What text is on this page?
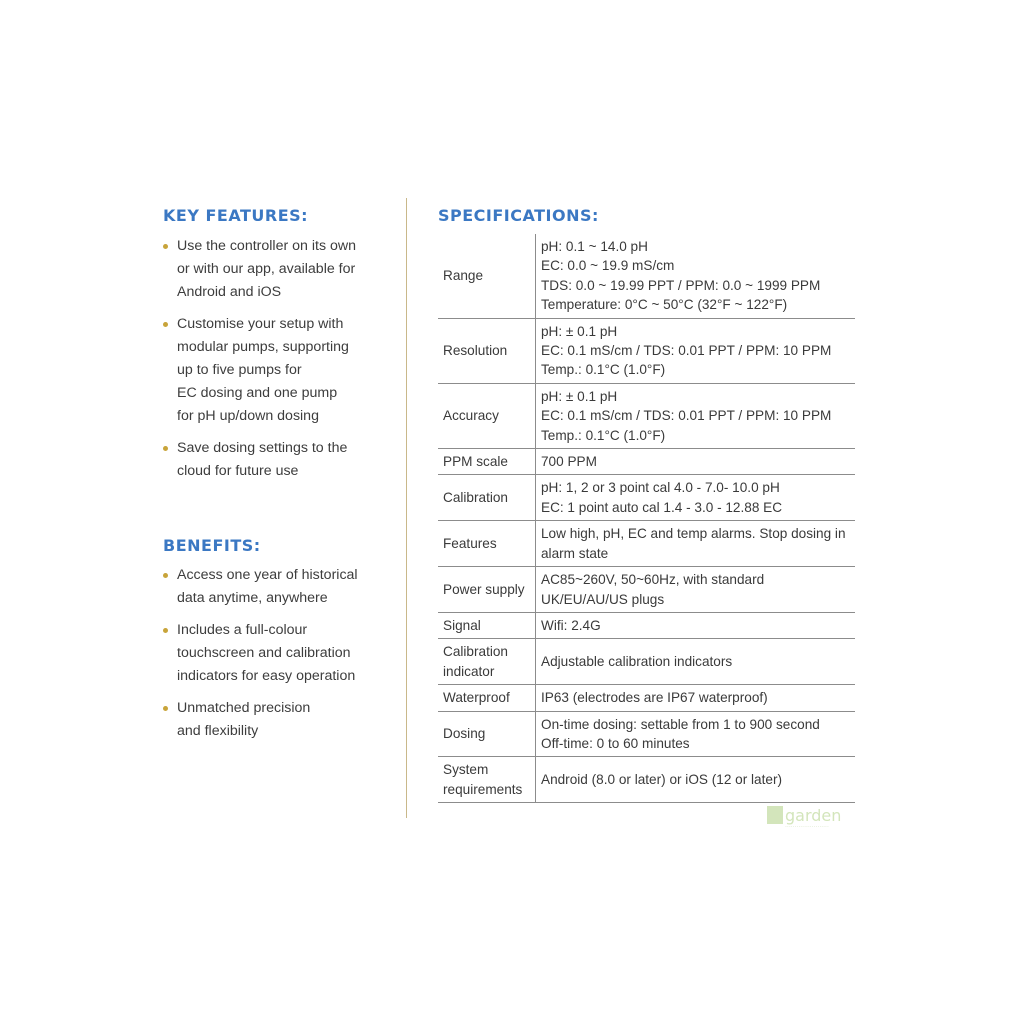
KEY FEATURES:
Use the controller on its own
or with our app, available for
Android and iOS
Customise your setup with
modular pumps, supporting
up to five pumps for
EC dosing and one pump
for pH up/down dosing
Save dosing settings to the
cloud for future use
BENEFITS:
Access one year of historical
data anytime, anywhere
Includes a full-colour
touchscreen and calibration
indicators for easy operation
Unmatched precision
and flexibility
SPECIFICATIONS:
Range	pH: 0.1 ~ 14.0 pH
EC: 0.0 ~ 19.9 mS/cm
TDS: 0.0 ~ 19.99 PPT / PPM: 0.0 ~ 1999 PPM
Temperature: 0°C ~ 50°C (32°F ~ 122°F)

Resolution	pH: ± 0.1 pH
EC: 0.1 mS/cm / TDS: 0.01 PPT / PPM: 10 PPM
Temp.: 0.1°C (1.0°F)

Accuracy	pH: ± 0.1 pH
EC: 0.1 mS/cm / TDS: 0.01 PPT / PPM: 10 PPM
Temp.: 0.1°C (1.0°F)

PPM scale	700 PPM

Calibration	pH: 1, 2 or 3 point cal 4.0 - 7.0- 10.0 pH
EC: 1 point auto cal 1.4 - 3.0 - 12.88 EC

Features	Low high, pH, EC and temp alarms. Stop dosing in alarm state

Power supply	AC85~260V, 50~60Hz, with standard UK/EU/AU/US plugs

Signal	Wifi: 2.4G

Calibration indicator	Adjustable calibration indicators

Waterproof	IP63 (electrodes are IP67 waterproof)

Dosing	On-time dosing: settable from 1 to 900 second
Off-time: 0 to 60 minutes

System requirements	Android (8.0 or later) or iOS (12 or later)
garden
·······················
